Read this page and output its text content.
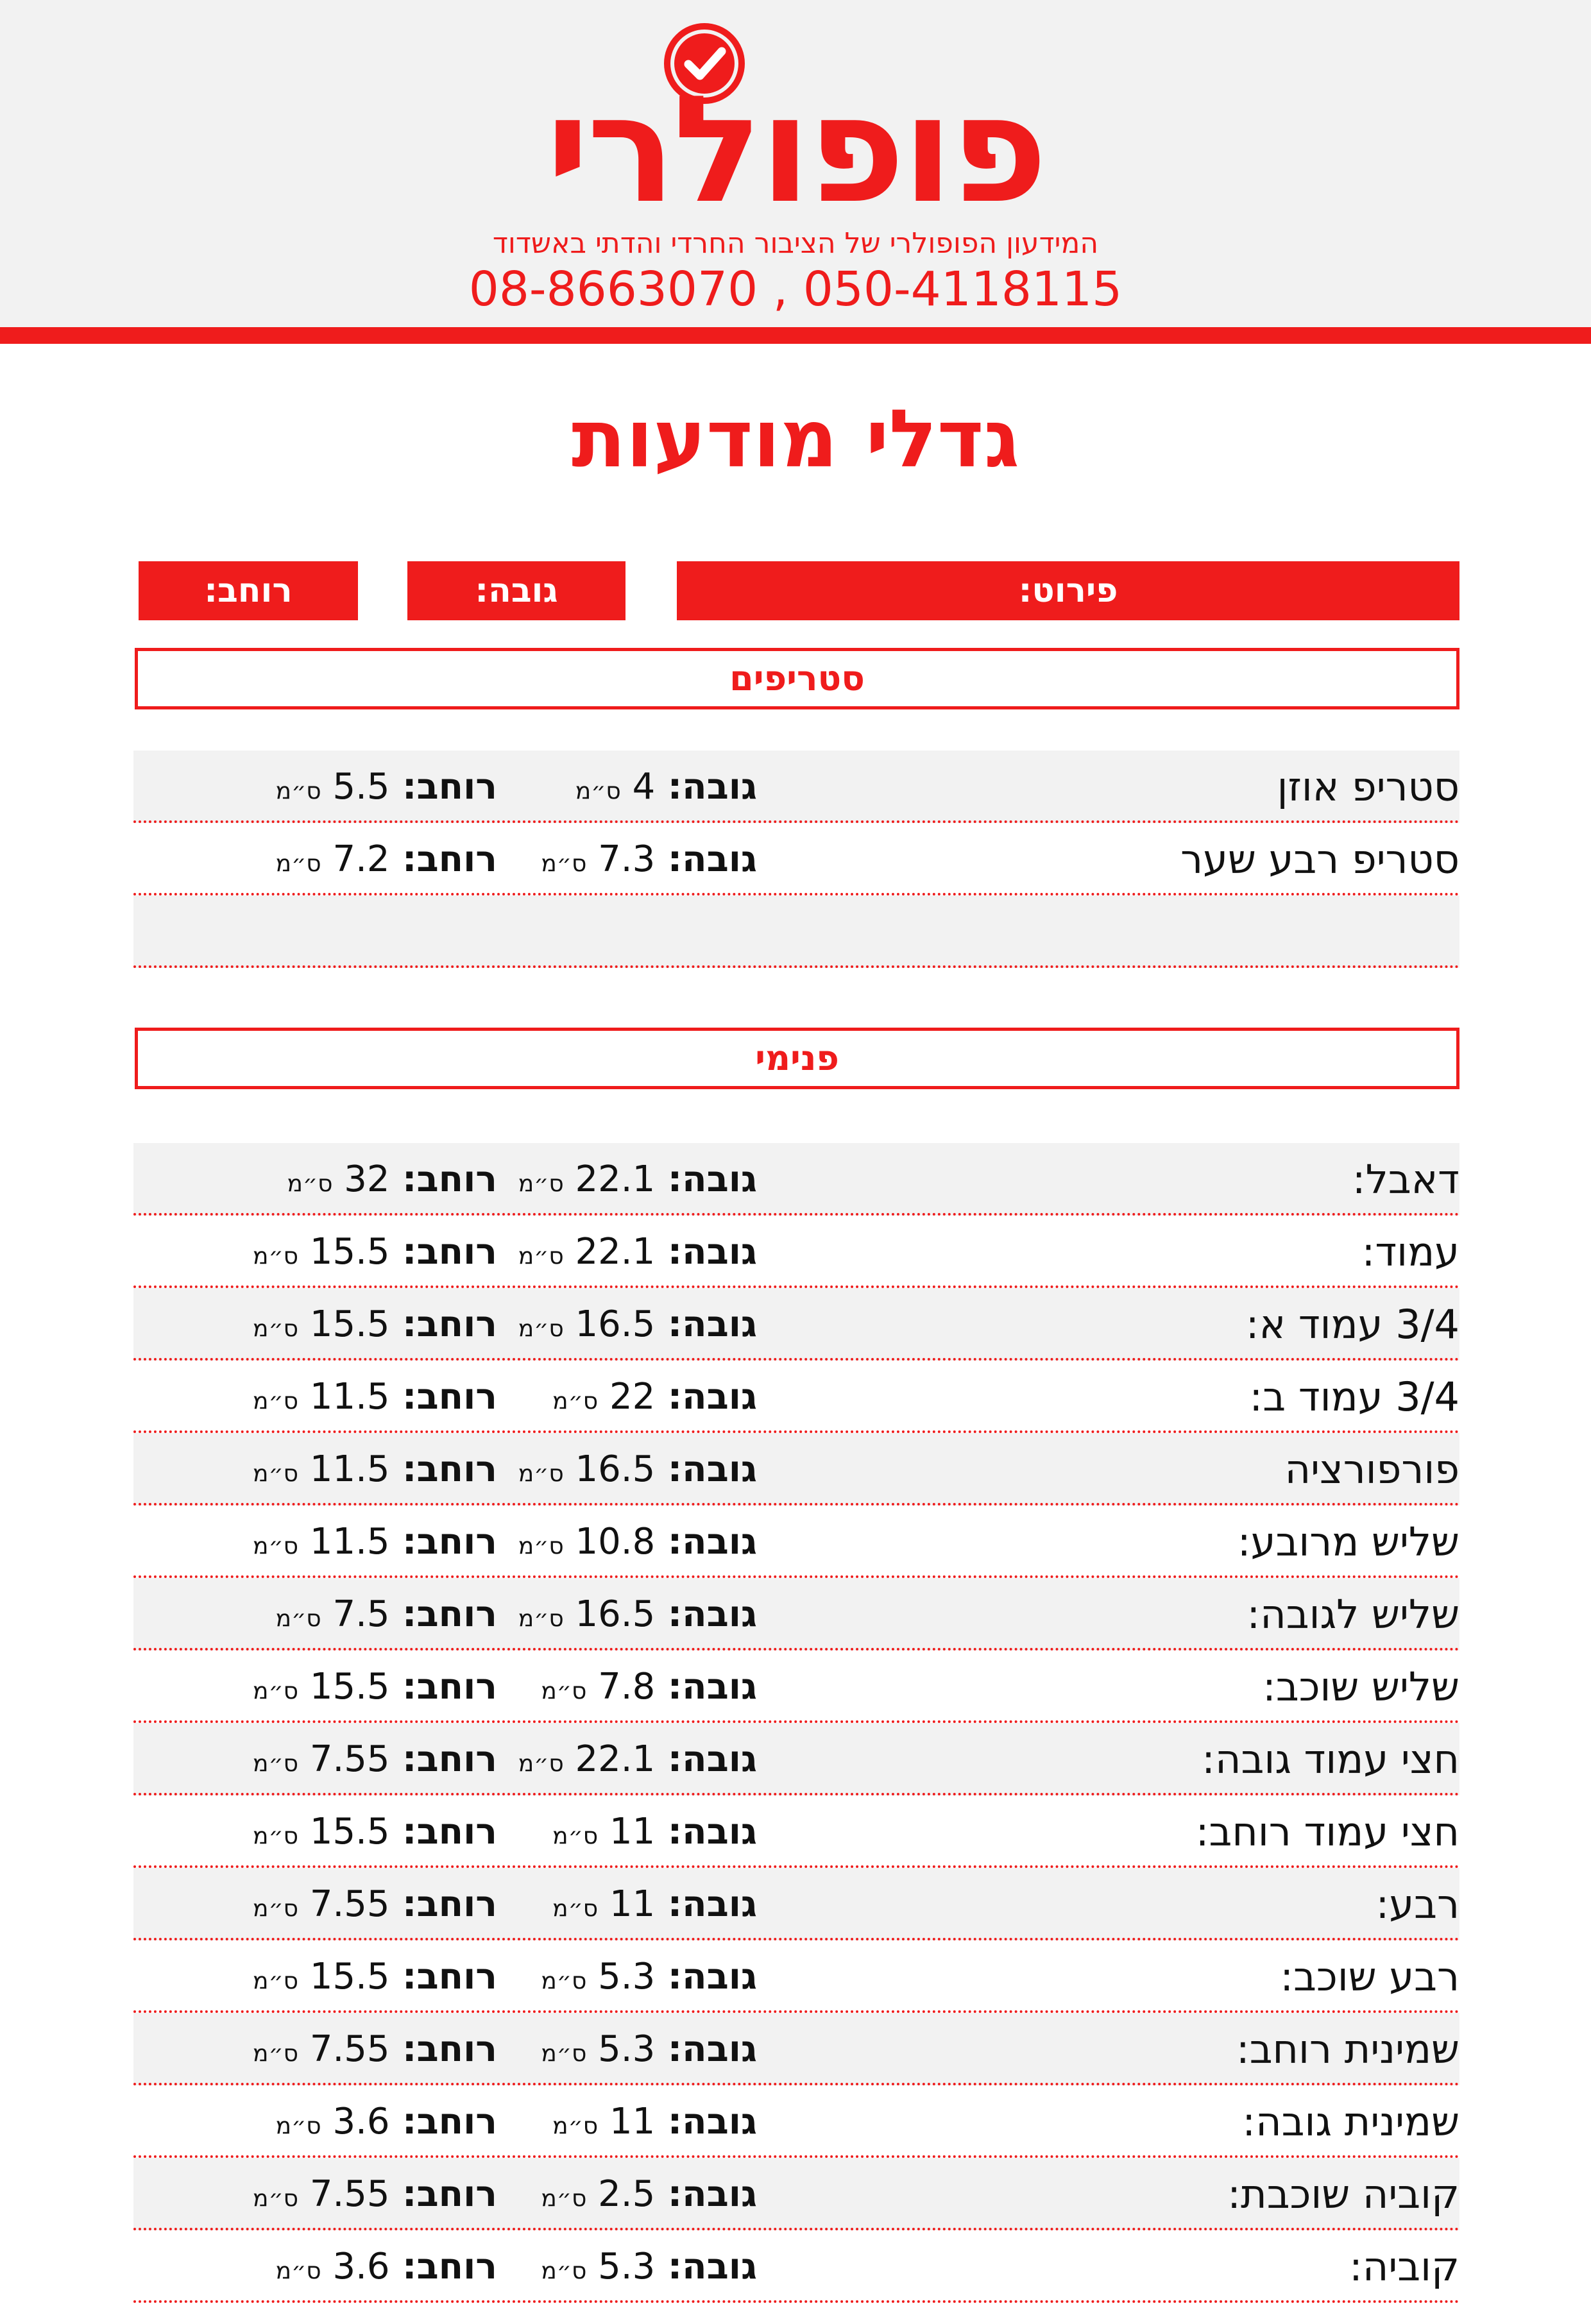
פופולרי
המידעון הפופולרי של הציבור החרדי והדתי באשדוד
08-8663070 , 050-4118115
גדלי מודעות
פירוט:
גובה:
רוחב:
סטריפים
סטריפ אוזן
גובה: 4 ס״מ
רוחב: 5.5 ס״מ
סטריפ רבע שער
גובה: 7.3 ס״מ
רוחב: 7.2 ס״מ
פנימי
דאבל:
גובה: 22.1 ס״מ
רוחב: 32 ס״מ
עמוד:
גובה: 22.1 ס״מ
רוחב: 15.5 ס״מ
3/4 עמוד א:
גובה: 16.5 ס״מ
רוחב: 15.5 ס״מ
3/4 עמוד ב:
גובה: 22 ס״מ
רוחב: 11.5 ס״מ
פורפורציה
גובה: 16.5 ס״מ
רוחב: 11.5 ס״מ
שליש מרובע:
גובה: 10.8 ס״מ
רוחב: 11.5 ס״מ
שליש לגובה:
גובה: 16.5 ס״מ
רוחב: 7.5 ס״מ
שליש שוכב:
גובה: 7.8 ס״מ
רוחב: 15.5 ס״מ
חצי עמוד גובה:
גובה: 22.1 ס״מ
רוחב: 7.55 ס״מ
חצי עמוד רוחב:
גובה: 11 ס״מ
רוחב: 15.5 ס״מ
רבע:
גובה: 11 ס״מ
רוחב: 7.55 ס״מ
רבע שוכב:
גובה: 5.3 ס״מ
רוחב: 15.5 ס״מ
שמינית רוחב:
גובה: 5.3 ס״מ
רוחב: 7.55 ס״מ
שמינית גובה:
גובה: 11 ס״מ
רוחב: 3.6 ס״מ
קוביה שוכבת:
גובה: 2.5 ס״מ
רוחב: 7.55 ס״מ
קוביה:
גובה: 5.3 ס״מ
רוחב: 3.6 ס״מ
